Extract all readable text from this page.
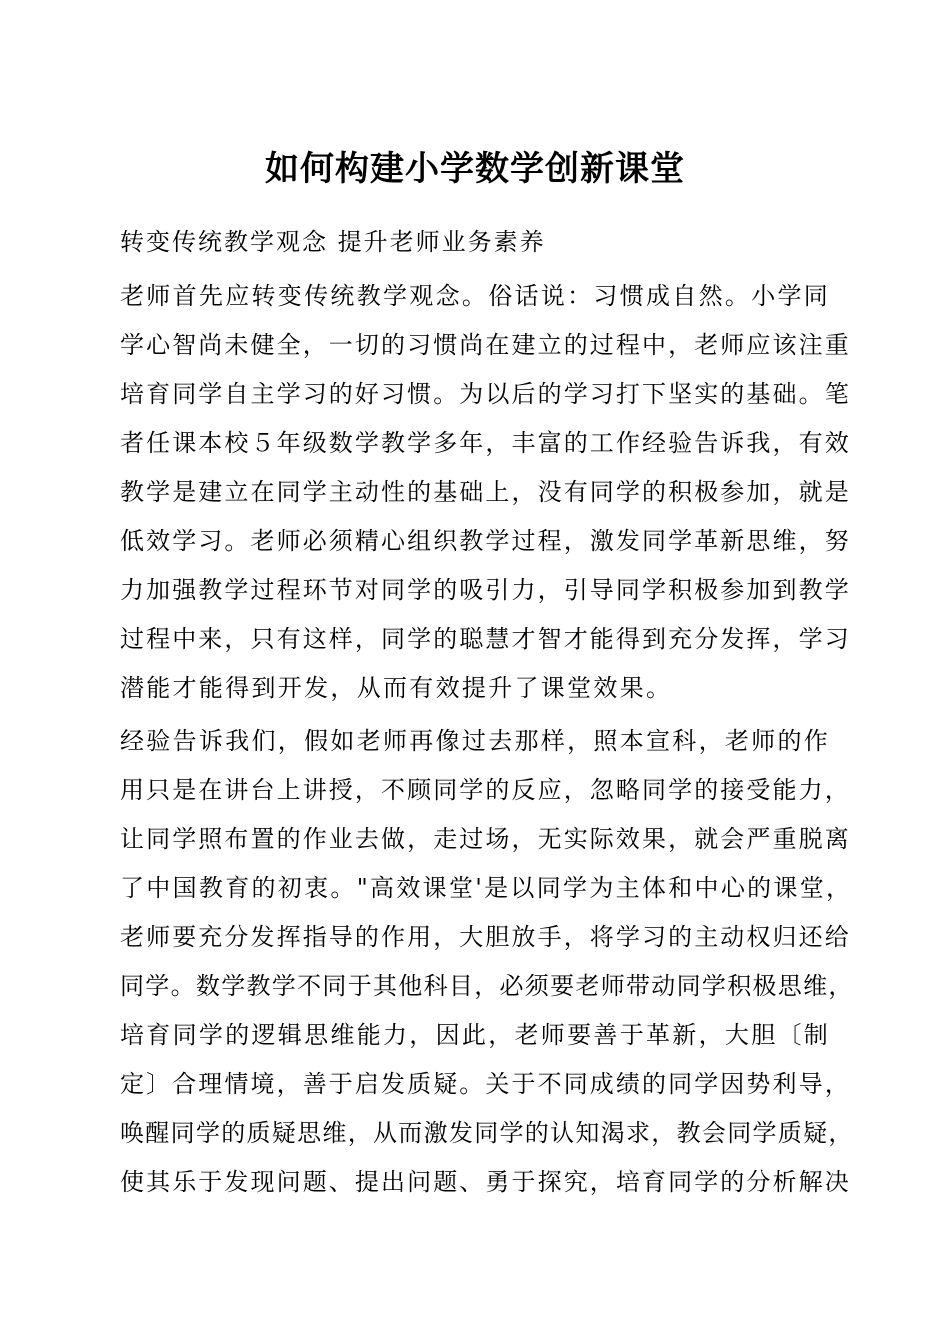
如何构建小学数学创新课堂
转变传统教学观念 提升老师业务素养
老师首先应转变传统教学观念。俗话说：习惯成自然。小学同
学心智尚未健全，一切的习惯尚在建立的过程中，老师应该注重
培育同学自主学习的好习惯。为以后的学习打下坚实的基础。笔
者任课本校５年级数学教学多年，丰富的工作经验告诉我，有效
教学是建立在同学主动性的基础上，没有同学的积极参加，就是
低效学习。老师必须精心组织教学过程，激发同学革新思维，努
力加强教学过程环节对同学的吸引力，引导同学积极参加到教学
过程中来，只有这样，同学的聪慧才智才能得到充分发挥，学习
潜能才能得到开发，从而有效提升了课堂效果。
经验告诉我们，假如老师再像过去那样，照本宣科，老师的作
用只是在讲台上讲授，不顾同学的反应，忽略同学的接受能力，
让同学照布置的作业去做，走过场，无实际效果，就会严重脱离
了中国教育的初衷。"高效课堂'是以同学为主体和中心的课堂，
老师要充分发挥指导的作用，大胆放手，将学习的主动权归还给
同学。数学教学不同于其他科目，必须要老师带动同学积极思维，
培育同学的逻辑思维能力，因此，老师要善于革新，大胆〔制
定〕合理情境，善于启发质疑。关于不同成绩的同学因势利导，
唤醒同学的质疑思维，从而激发同学的认知渴求，教会同学质疑，
使其乐于发现问题、提出问题、勇于探究，培育同学的分析解决
